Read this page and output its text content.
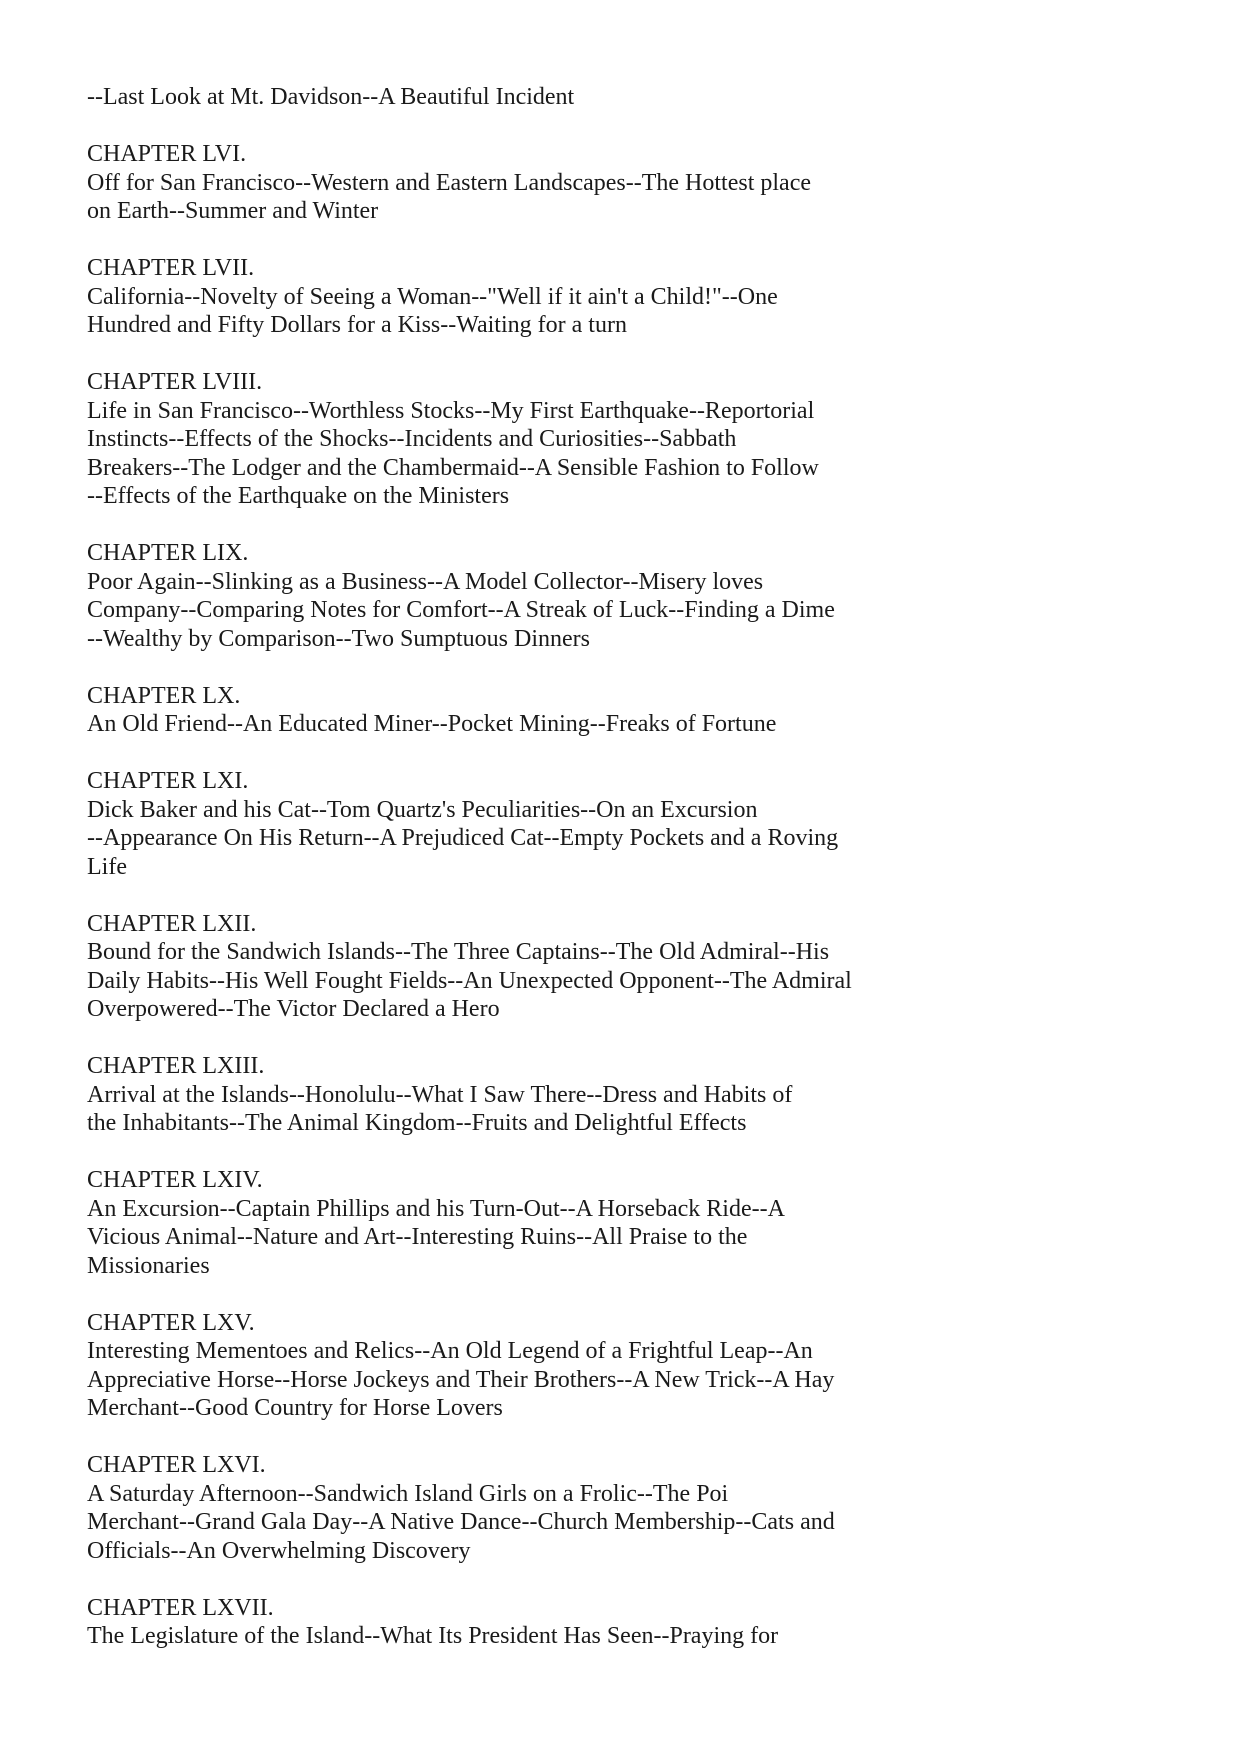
--Last Look at Mt. Davidson--A Beautiful Incident
CHAPTER LVI.
Off for San Francisco--Western and Eastern Landscapes--The Hottest place
on Earth--Summer and Winter
CHAPTER LVII.
California--Novelty of Seeing a Woman--"Well if it ain't a Child!"--One
Hundred and Fifty Dollars for a Kiss--Waiting for a turn
CHAPTER LVIII.
Life in San Francisco--Worthless Stocks--My First Earthquake--Reportorial
Instincts--Effects of the Shocks--Incidents and Curiosities--Sabbath
Breakers--The Lodger and the Chambermaid--A Sensible Fashion to Follow
--Effects of the Earthquake on the Ministers
CHAPTER LIX.
Poor Again--Slinking as a Business--A Model Collector--Misery loves
Company--Comparing Notes for Comfort--A Streak of Luck--Finding a Dime
--Wealthy by Comparison--Two Sumptuous Dinners
CHAPTER LX.
An Old Friend--An Educated Miner--Pocket Mining--Freaks of Fortune
CHAPTER LXI.
Dick Baker and his Cat--Tom Quartz's Peculiarities--On an Excursion
--Appearance On His Return--A Prejudiced Cat--Empty Pockets and a Roving
Life
CHAPTER LXII.
Bound for the Sandwich Islands--The Three Captains--The Old Admiral--His
Daily Habits--His Well Fought Fields--An Unexpected Opponent--The Admiral
Overpowered--The Victor Declared a Hero
CHAPTER LXIII.
Arrival at the Islands--Honolulu--What I Saw There--Dress and Habits of
the Inhabitants--The Animal Kingdom--Fruits and Delightful Effects
CHAPTER LXIV.
An Excursion--Captain Phillips and his Turn-Out--A Horseback Ride--A
Vicious Animal--Nature and Art--Interesting Ruins--All Praise to the
Missionaries
CHAPTER LXV.
Interesting Mementoes and Relics--An Old Legend of a Frightful Leap--An
Appreciative Horse--Horse Jockeys and Their Brothers--A New Trick--A Hay
Merchant--Good Country for Horse Lovers
CHAPTER LXVI.
A Saturday Afternoon--Sandwich Island Girls on a Frolic--The Poi
Merchant--Grand Gala Day--A Native Dance--Church Membership--Cats and
Officials--An Overwhelming Discovery
CHAPTER LXVII.
The Legislature of the Island--What Its President Has Seen--Praying for
